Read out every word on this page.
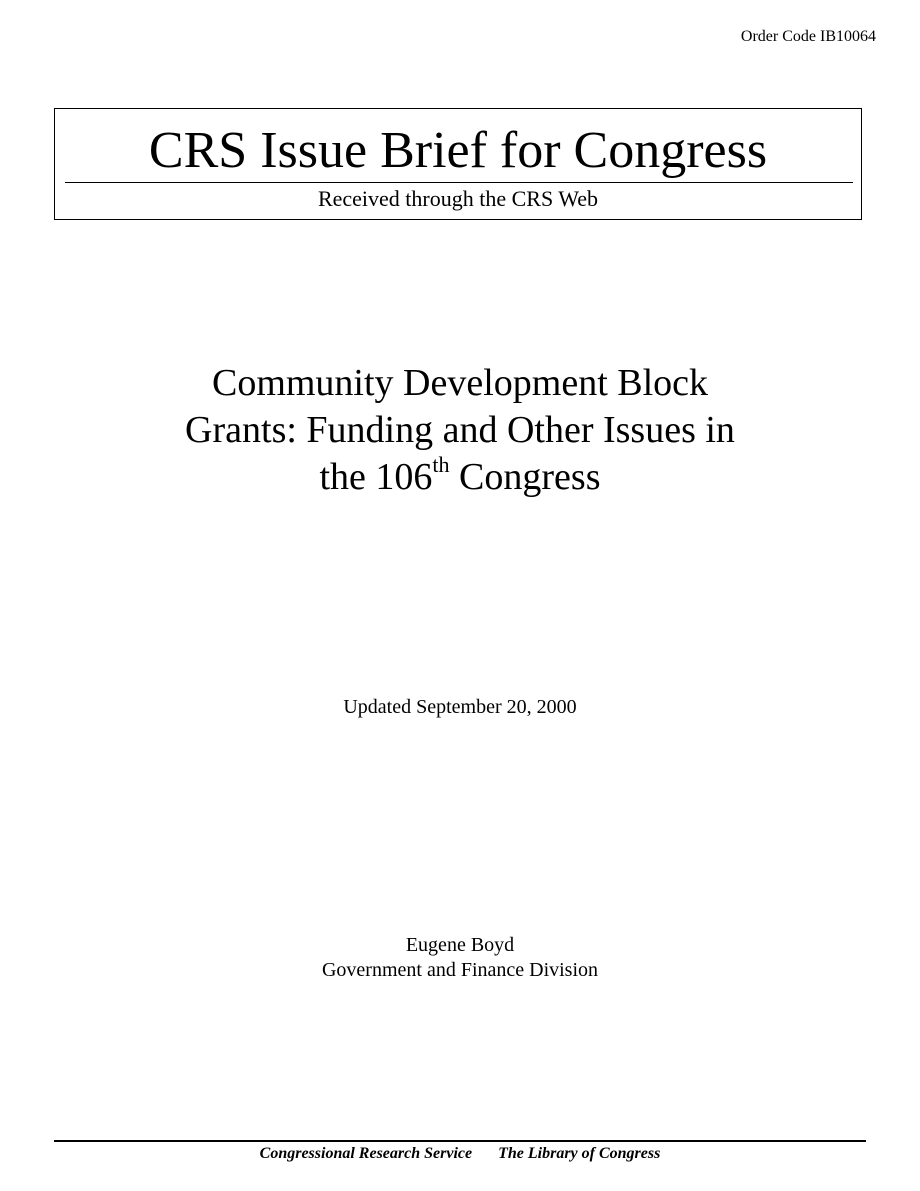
Order Code IB10064
CRS Issue Brief for Congress
Received through the CRS Web
Community Development Block
Grants: Funding and Other Issues in
the 106th Congress
Updated September 20, 2000
Eugene Boyd
Government and Finance Division
Congressional Research Service The Library of Congress
